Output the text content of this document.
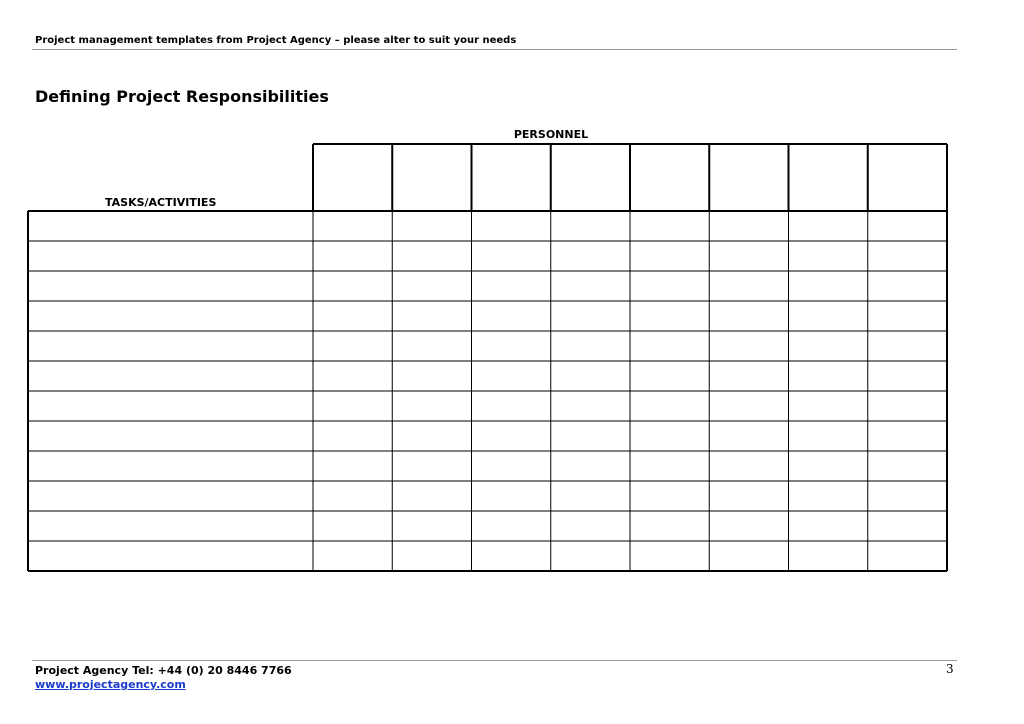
Project management templates from Project Agency – please alter to suit your needs
Defining Project Responsibilities
PERSONNEL
TASKS/ACTIVITIES
Project Agency Tel: +44 (0) 20 8446 7766
www.projectagency.com
3
